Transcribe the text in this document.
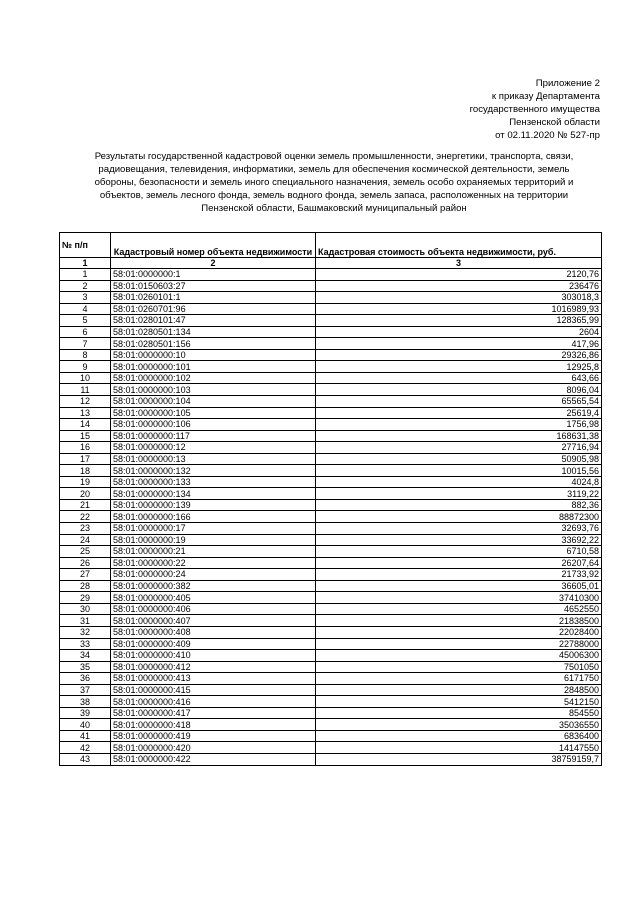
Приложение 2
к приказу Департамента
государственного имущества
Пензенской области
от 02.11.2020 № 527-пр
Результаты государственной кадастровой оценки земель промышленности, энергетики, транспорта, связи,
радиовещания, телевидения, информатики, земель для обеспечения космической деятельности, земель
обороны, безопасности и земель иного специального назначения, земель особо охраняемых территорий и
объектов, земель лесного фонда, земель водного фонда, земель запаса, расположенных на территории
Пензенской области, Башмаковский муниципальный район
№ п/п	Кадастровый номер объекта недвижимости	Кадастровая стоимость объекта недвижимости, руб.
1	2	3
1	58:01:0000000:1	2120,76
2	58:01:0150603:27	236476
3	58:01:0260101:1	303018,3
4	58:01:0260701:96	1016989,93
5	58:01:0280101:47	128365,99
6	58:01:0280501:134	2604
7	58:01:0280501:156	417,96
8	58:01:0000000:10	29326,86
9	58:01:0000000:101	12925,8
10	58:01:0000000:102	643,66
11	58:01:0000000:103	8096,04
12	58:01:0000000:104	65565,54
13	58:01:0000000:105	25619,4
14	58:01:0000000:106	1756,98
15	58:01:0000000:117	168631,38
16	58:01:0000000:12	27716,94
17	58:01:0000000:13	50905,98
18	58:01:0000000:132	10015,56
19	58:01:0000000:133	4024,8
20	58:01:0000000:134	3119,22
21	58:01:0000000:139	882,36
22	58:01:0000000:166	88872300
23	58:01:0000000:17	32693,76
24	58:01:0000000:19	33692,22
25	58:01:0000000:21	6710,58
26	58:01:0000000:22	26207,64
27	58:01:0000000:24	21733,92
28	58:01:0000000:382	36605,01
29	58:01:0000000:405	37410300
30	58:01:0000000:406	4652550
31	58:01:0000000:407	21838500
32	58:01:0000000:408	22028400
33	58:01:0000000:409	22788000
34	58:01:0000000:410	45006300
35	58:01:0000000:412	7501050
36	58:01:0000000:413	6171750
37	58:01:0000000:415	2848500
38	58:01:0000000:416	5412150
39	58:01:0000000:417	854550
40	58:01:0000000:418	35036550
41	58:01:0000000:419	6836400
42	58:01:0000000:420	14147550
43	58:01:0000000:422	38759159,7
